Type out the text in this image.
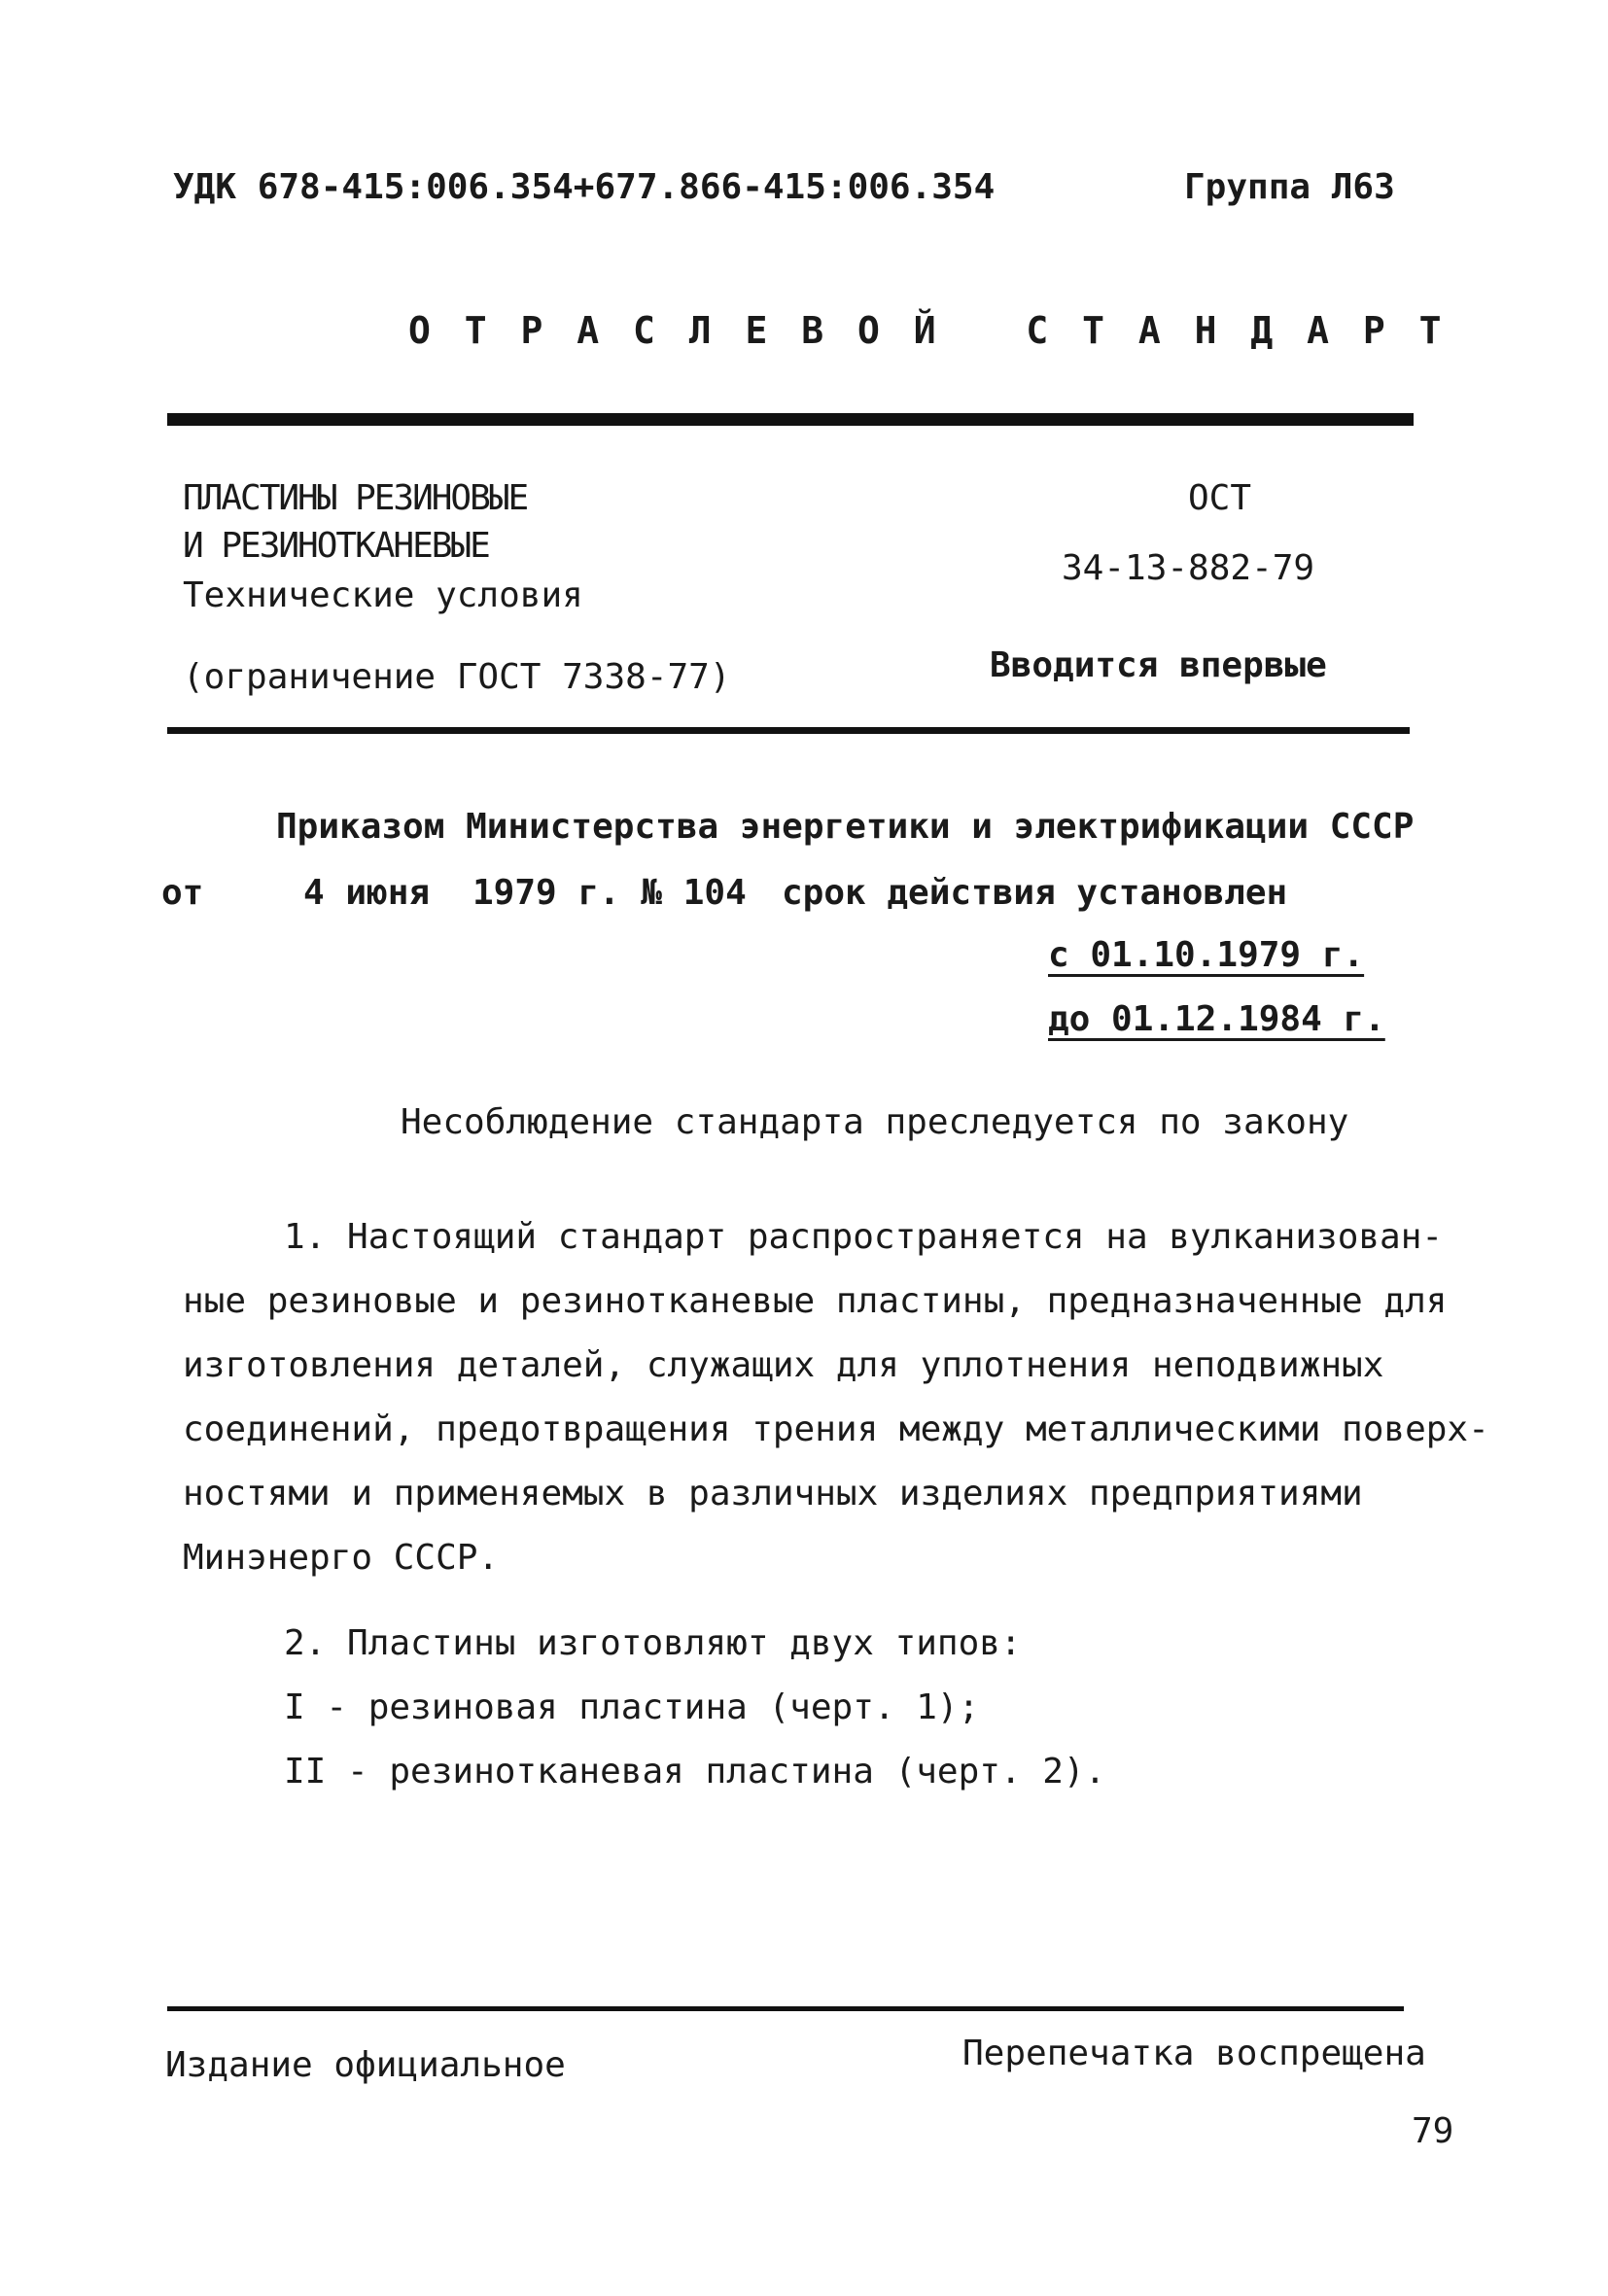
УДК 678-415:006.354+677.866-415:006.354	Группа Л63
О Т Р А С Л Е В О Й   С Т А Н Д А Р Т
ПЛАСТИНЫ РЕЗИНОВЫЕ
И РЕЗИНОТКАНЕВЫЕ
Технические условия
(ограничение ГОСТ 7338-77)
ОСТ
34-13-882-79
Вводится впервые
Приказом Министерства энергетики и электрификации СССР
от	4 июня 1979 г. № 104 срок действия установлен
с 01.10.1979 г.
до 01.12.1984 г.
Несоблюдение стандарта преследуется по закону
1. Настоящий стандарт распространяется на вулканизован-
ные резиновые и резинотканевые пластины, предназначенные для
изготовления деталей, служащих для уплотнения неподвижных
соединений, предотвращения трения между металлическими поверх-
ностями и применяемых в различных изделиях предприятиями
Минэнерго СССР.
2. Пластины изготовляют двух типов:
I - резиновая пластина (черт. 1);
II - резинотканевая пластина (черт. 2).
Издание официальное	Перепечатка воспрещена
79
